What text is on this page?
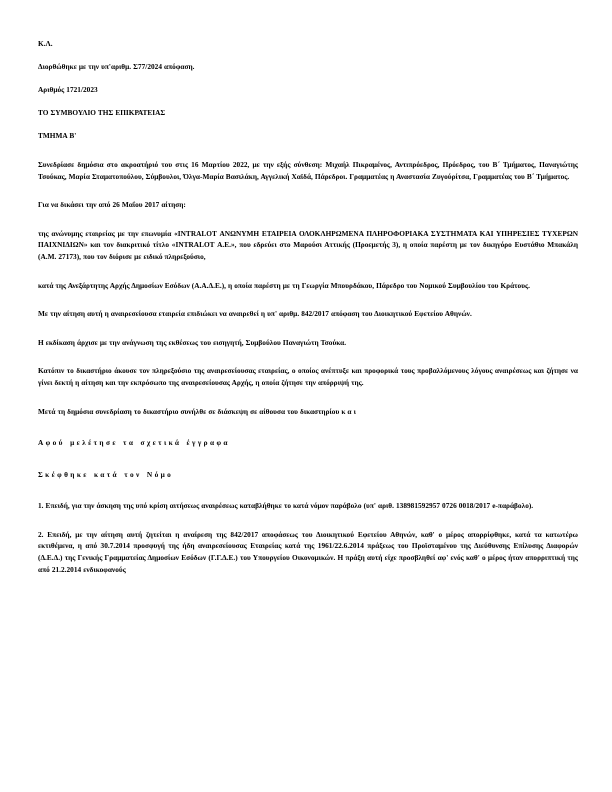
Κ.Λ.

Διορθώθηκε με την υπ'αριθμ. Σ77/2024 απόφαση.

Αριθμός 1721/2023

ΤΟ ΣΥΜΒΟΥΛΙΟ ΤΗΣ ΕΠΙΚΡΑΤΕΙΑΣ

ΤΜΗΜΑ Β'

Συνεδρίασε δημόσια στο ακροατήριό του στις 16 Μαρτίου 2022, με την εξής σύνθεση: Μιχαήλ Πικραμένος, Αντιπρόεδρος, Πρόεδρος, του Β΄ Τμήματος, Παναγιώτης Τσούκας, Μαρία Σταματοπούλου, Σύμβουλοι, Όλγα-Μαρία Βασιλάκη, Αγγελική Χαϊδά, Πάρεδροι. Γραμματέας η Αναστασία Ζυγούρίτσα, Γραμματέας του Β΄ Τμήματος.

Για να δικάσει την από 26 Μαΐου 2017 αίτηση:

της ανώνυμης εταιρείας με την επωνυμία «INTRALOT ΑΝΩΝΥΜΗ ΕΤΑΙΡΕΙΑ ΟΛΟΚΛΗΡΩΜΕΝΑ ΠΛΗΡΟΦΟΡΙΑΚΑ ΣΥΣΤΗΜΑΤΑ ΚΑΙ ΥΠΗΡΕΣΙΕΣ ΤΥΧΕΡΩΝ ΠΑΙΧΝΙΔΙΩΝ» και τον διακριτικό τίτλο «INTRALOT Α.Ε.», που εδρεύει στο Μαρούσι Αττικής (Προεμετής 3), η οποία παρέστη με τον δικηγόρο Ευστάθιο Μπακάλη (Α.Μ. 27173), που τον διόρισε με ειδικό πληρεξούσιο,

κατά της Ανεξάρτητης Αρχής Δημοσίων Εσόδων (Α.Α.Δ.Ε.), η οποία παρέστη με τη Γεωργία Μπουρδάκου, Πάρεδρο του Νομικού Συμβουλίου του Κράτους.

Με την αίτηση αυτή η αναιρεσείουσα εταιρεία επιδιώκει να αναιρεθεί η υπ' αριθμ. 842/2017 απόφαση του Διοικητικού Εφετείου Αθηνών.

Η εκδίκαση άρχισε με την ανάγνωση της εκθέσεως του εισηγητή, Συμβούλου Παναγιώτη Τσούκα.

Κατόπιν το δικαστήριο άκουσε τον πληρεξούσιο της αναιρεσείουσας εταιρείας, ο οποίος ανέπτυξε και προφορικά τους προβαλλόμενους λόγους αναιρέσεως και ζήτησε να γίνει δεκτή η αίτηση και την εκπρόσωπο της αναιρεσείουσας Αρχής, η οποία ζήτησε την απόρριψή της.

Μετά τη δημόσια συνεδρίαση το δικαστήριο συνήλθε σε διάσκεψη σε αίθουσα του δικαστηρίου κ α ι

Αφού μελέτησε τα σχετικά έγγραφα

Σκέφθηκε κατά τον Νόμο

1. Επειδή, για την άσκηση της υπό κρίση αιτήσεως αναιρέσεως καταβλήθηκε το κατά νόμον παράβολο (υπ' αριθ. 138981592957 0726 0018/2017 e-παράβολο).

2. Επειδή, με την αίτηση αυτή ζητείται η αναίρεση της 842/2017 αποφάσεως του Διοικητικού Εφετείου Αθηνών, καθ' ο μέρος απορρίφθηκε, κατά τα κατωτέρω εκτιθέμενα, η από 30.7.2014 προσφυγή της ήδη αναιρεσείουσας Εταιρείας κατά της 1961/22.6.2014 πράξεως του Προϊσταμένου της Διεύθυνσης Επίλυσης Διαφορών (Δ.Ε.Δ.) της Γενικής Γραμματείας Δημοσίων Εσόδων (Γ.Γ.Δ.Ε.) του Υπουργείου Οικονομικών. Η πράξη αυτή είχε προσβληθεί αφ' ενός καθ' ο μέρος ήταν απορριπτική της από 21.2.2014 ενδικοφανούς
